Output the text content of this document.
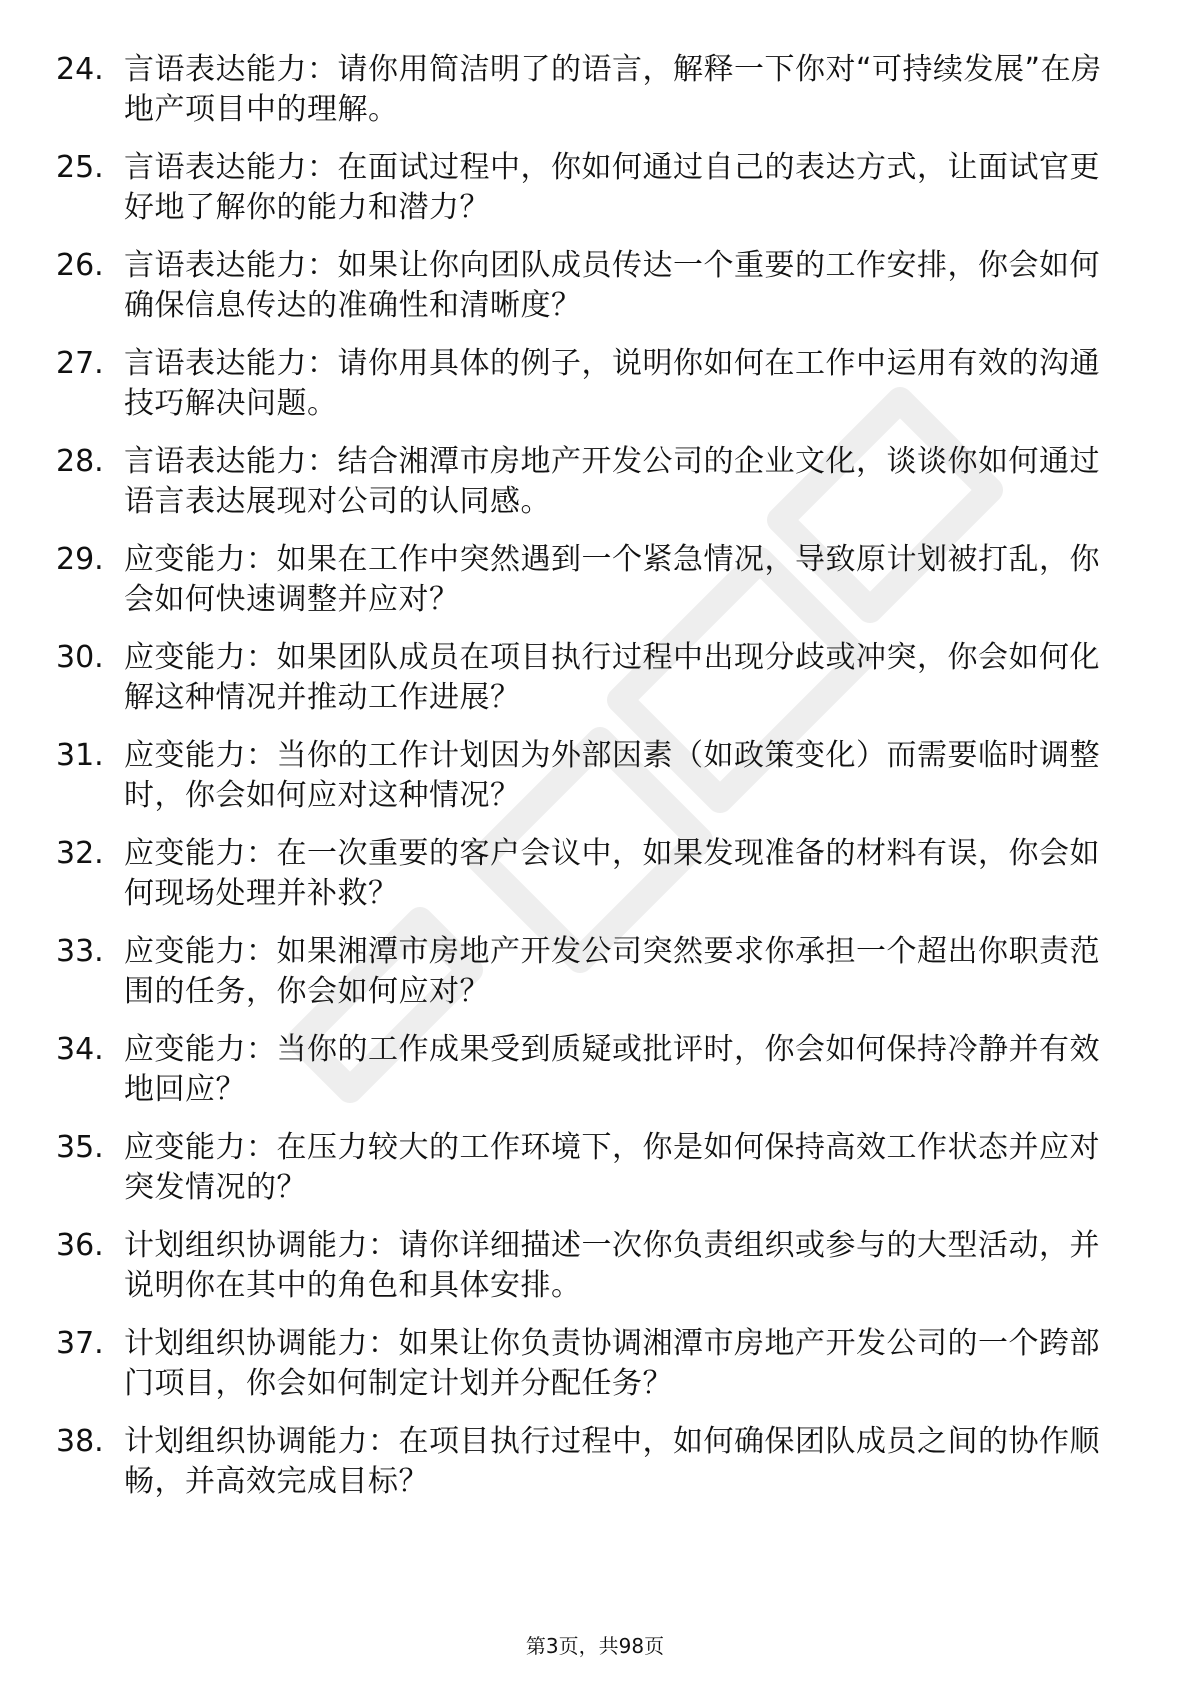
24. 言语表达能力：请你用简洁明了的语言，解释一下你对“可持续发展”在房地产项目中的理解。
25. 言语表达能力：在面试过程中，你如何通过自己的表达方式，让面试官更好地了解你的能力和潜力？
26. 言语表达能力：如果让你向团队成员传达一个重要的工作安排，你会如何确保信息传达的准确性和清晰度？
27. 言语表达能力：请你用具体的例子，说明你如何在工作中运用有效的沟通技巧解决问题。
28. 言语表达能力：结合湘潭市房地产开发公司的企业文化，谈谈你如何通过语言表达展现对公司的认同感。
29. 应变能力：如果在工作中突然遇到一个紧急情况，导致原计划被打乱，你会如何快速调整并应对？
30. 应变能力：如果团队成员在项目执行过程中出现分歧或冲突，你会如何化解这种情况并推动工作进展？
31. 应变能力：当你的工作计划因为外部因素（如政策变化）而需要临时调整时，你会如何应对这种情况？
32. 应变能力：在一次重要的客户会议中，如果发现准备的材料有误，你会如何现场处理并补救？
33. 应变能力：如果湘潭市房地产开发公司突然要求你承担一个超出你职责范围的任务，你会如何应对？
34. 应变能力：当你的工作成果受到质疑或批评时，你会如何保持冷静并有效地回应？
35. 应变能力：在压力较大的工作环境下，你是如何保持高效工作状态并应对突发情况的？
36. 计划组织协调能力：请你详细描述一次你负责组织或参与的大型活动，并说明你在其中的角色和具体安排。
37. 计划组织协调能力：如果让你负责协调湘潭市房地产开发公司的一个跨部门项目，你会如何制定计划并分配任务？
38. 计划组织协调能力：在项目执行过程中，如何确保团队成员之间的协作顺畅，并高效完成目标？
第3页，共98页
